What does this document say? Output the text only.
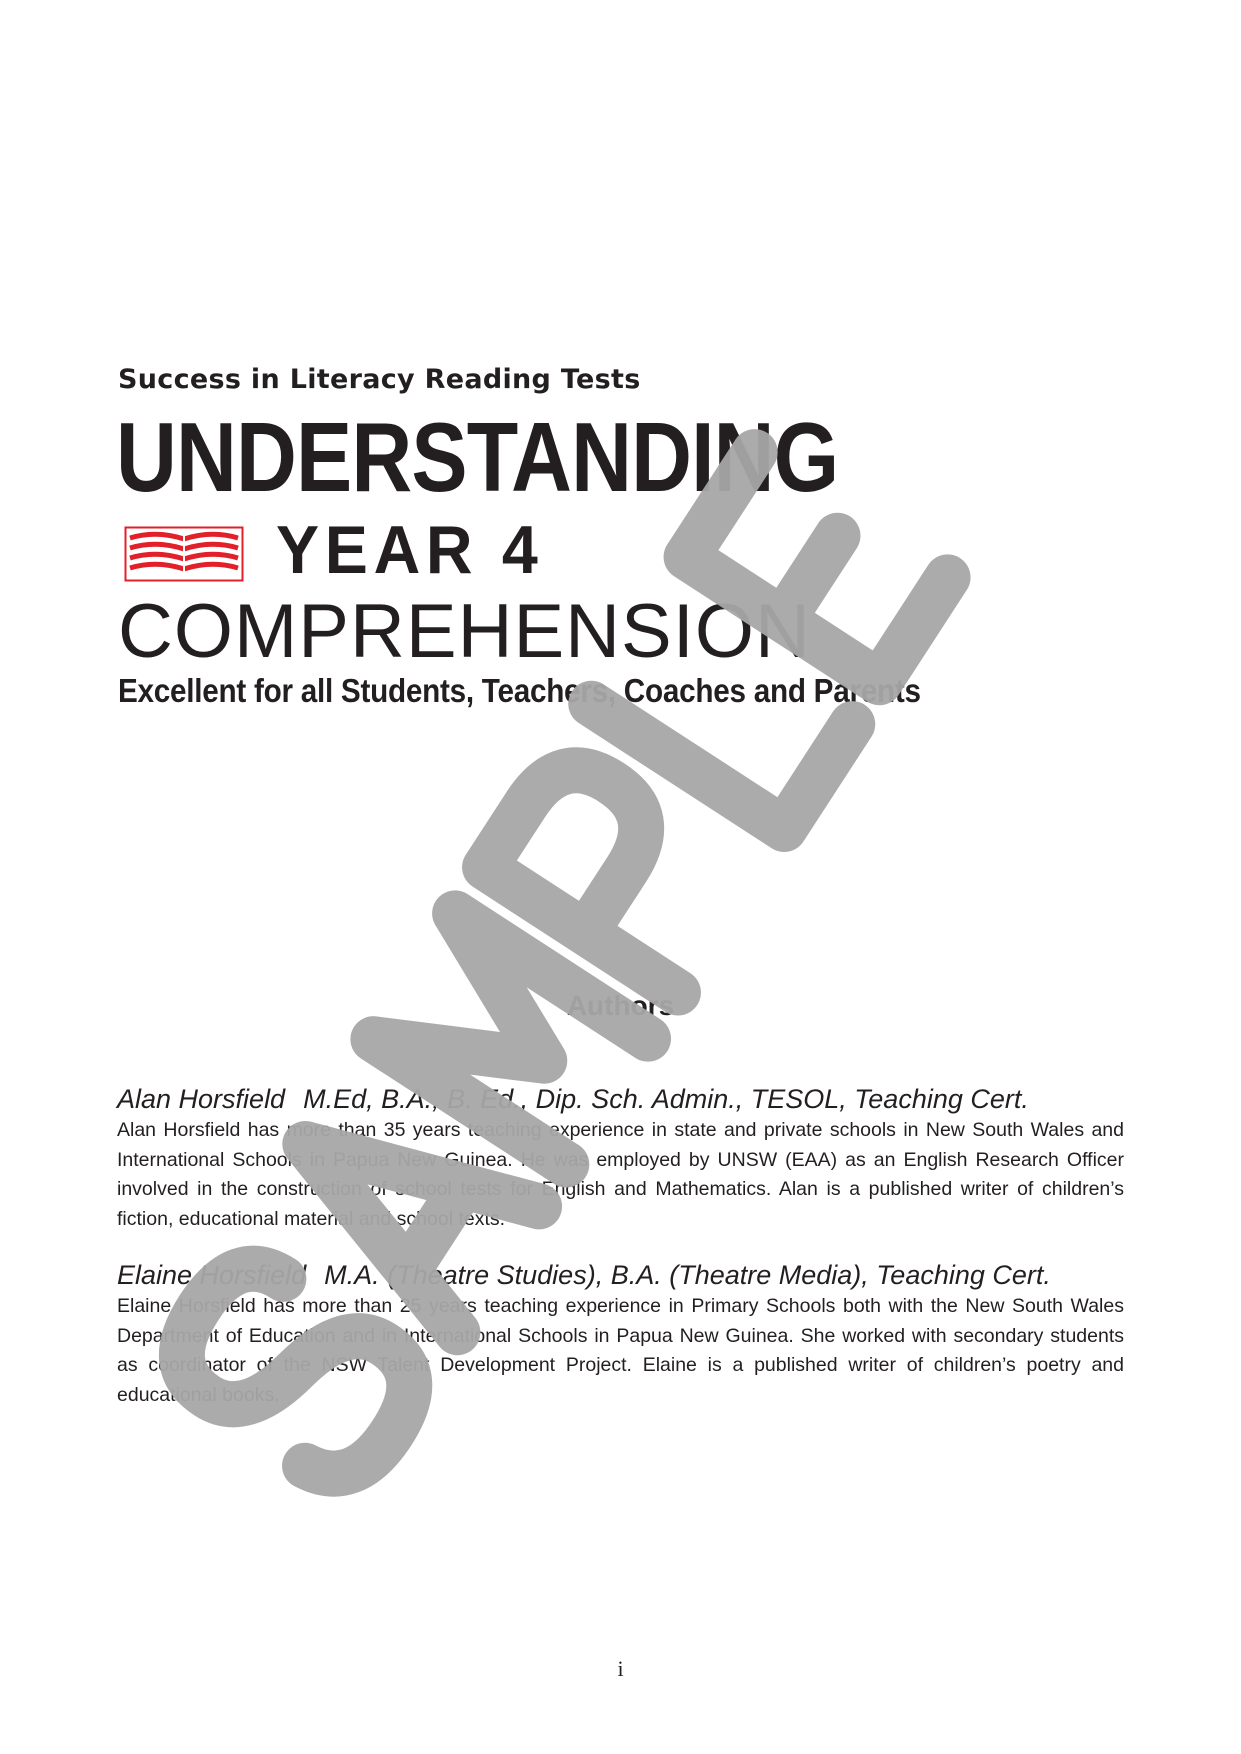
Success in Literacy Reading Tests
UNDERSTANDING
YEAR 4
COMPREHENSION
Excellent for all Students, Teachers, Coaches and Parents
Authors
Alan Horsfield M.Ed, B.A., B. Ed., Dip. Sch. Admin., TESOL, Teaching Cert.
Alan Horsfield has more than 35 years teaching experience in state and private schools in New South Wales and International Schools in Papua New Guinea. He was employed by UNSW (EAA) as an English Research Officer involved in the construction of school tests for English and Mathematics. Alan is a published writer of children’s fiction, educational material and school texts.
Elaine Horsfield M.A. (Theatre Studies), B.A. (Theatre Media), Teaching Cert.
Elaine Horsfield has more than 25 years teaching experience in Primary Schools both with the New South Wales Department of Education and in International Schools in Papua New Guinea. She worked with secondary students as coordinator of the NSW Talent Development Project. Elaine is a published writer of children’s poetry and educational books.
i
